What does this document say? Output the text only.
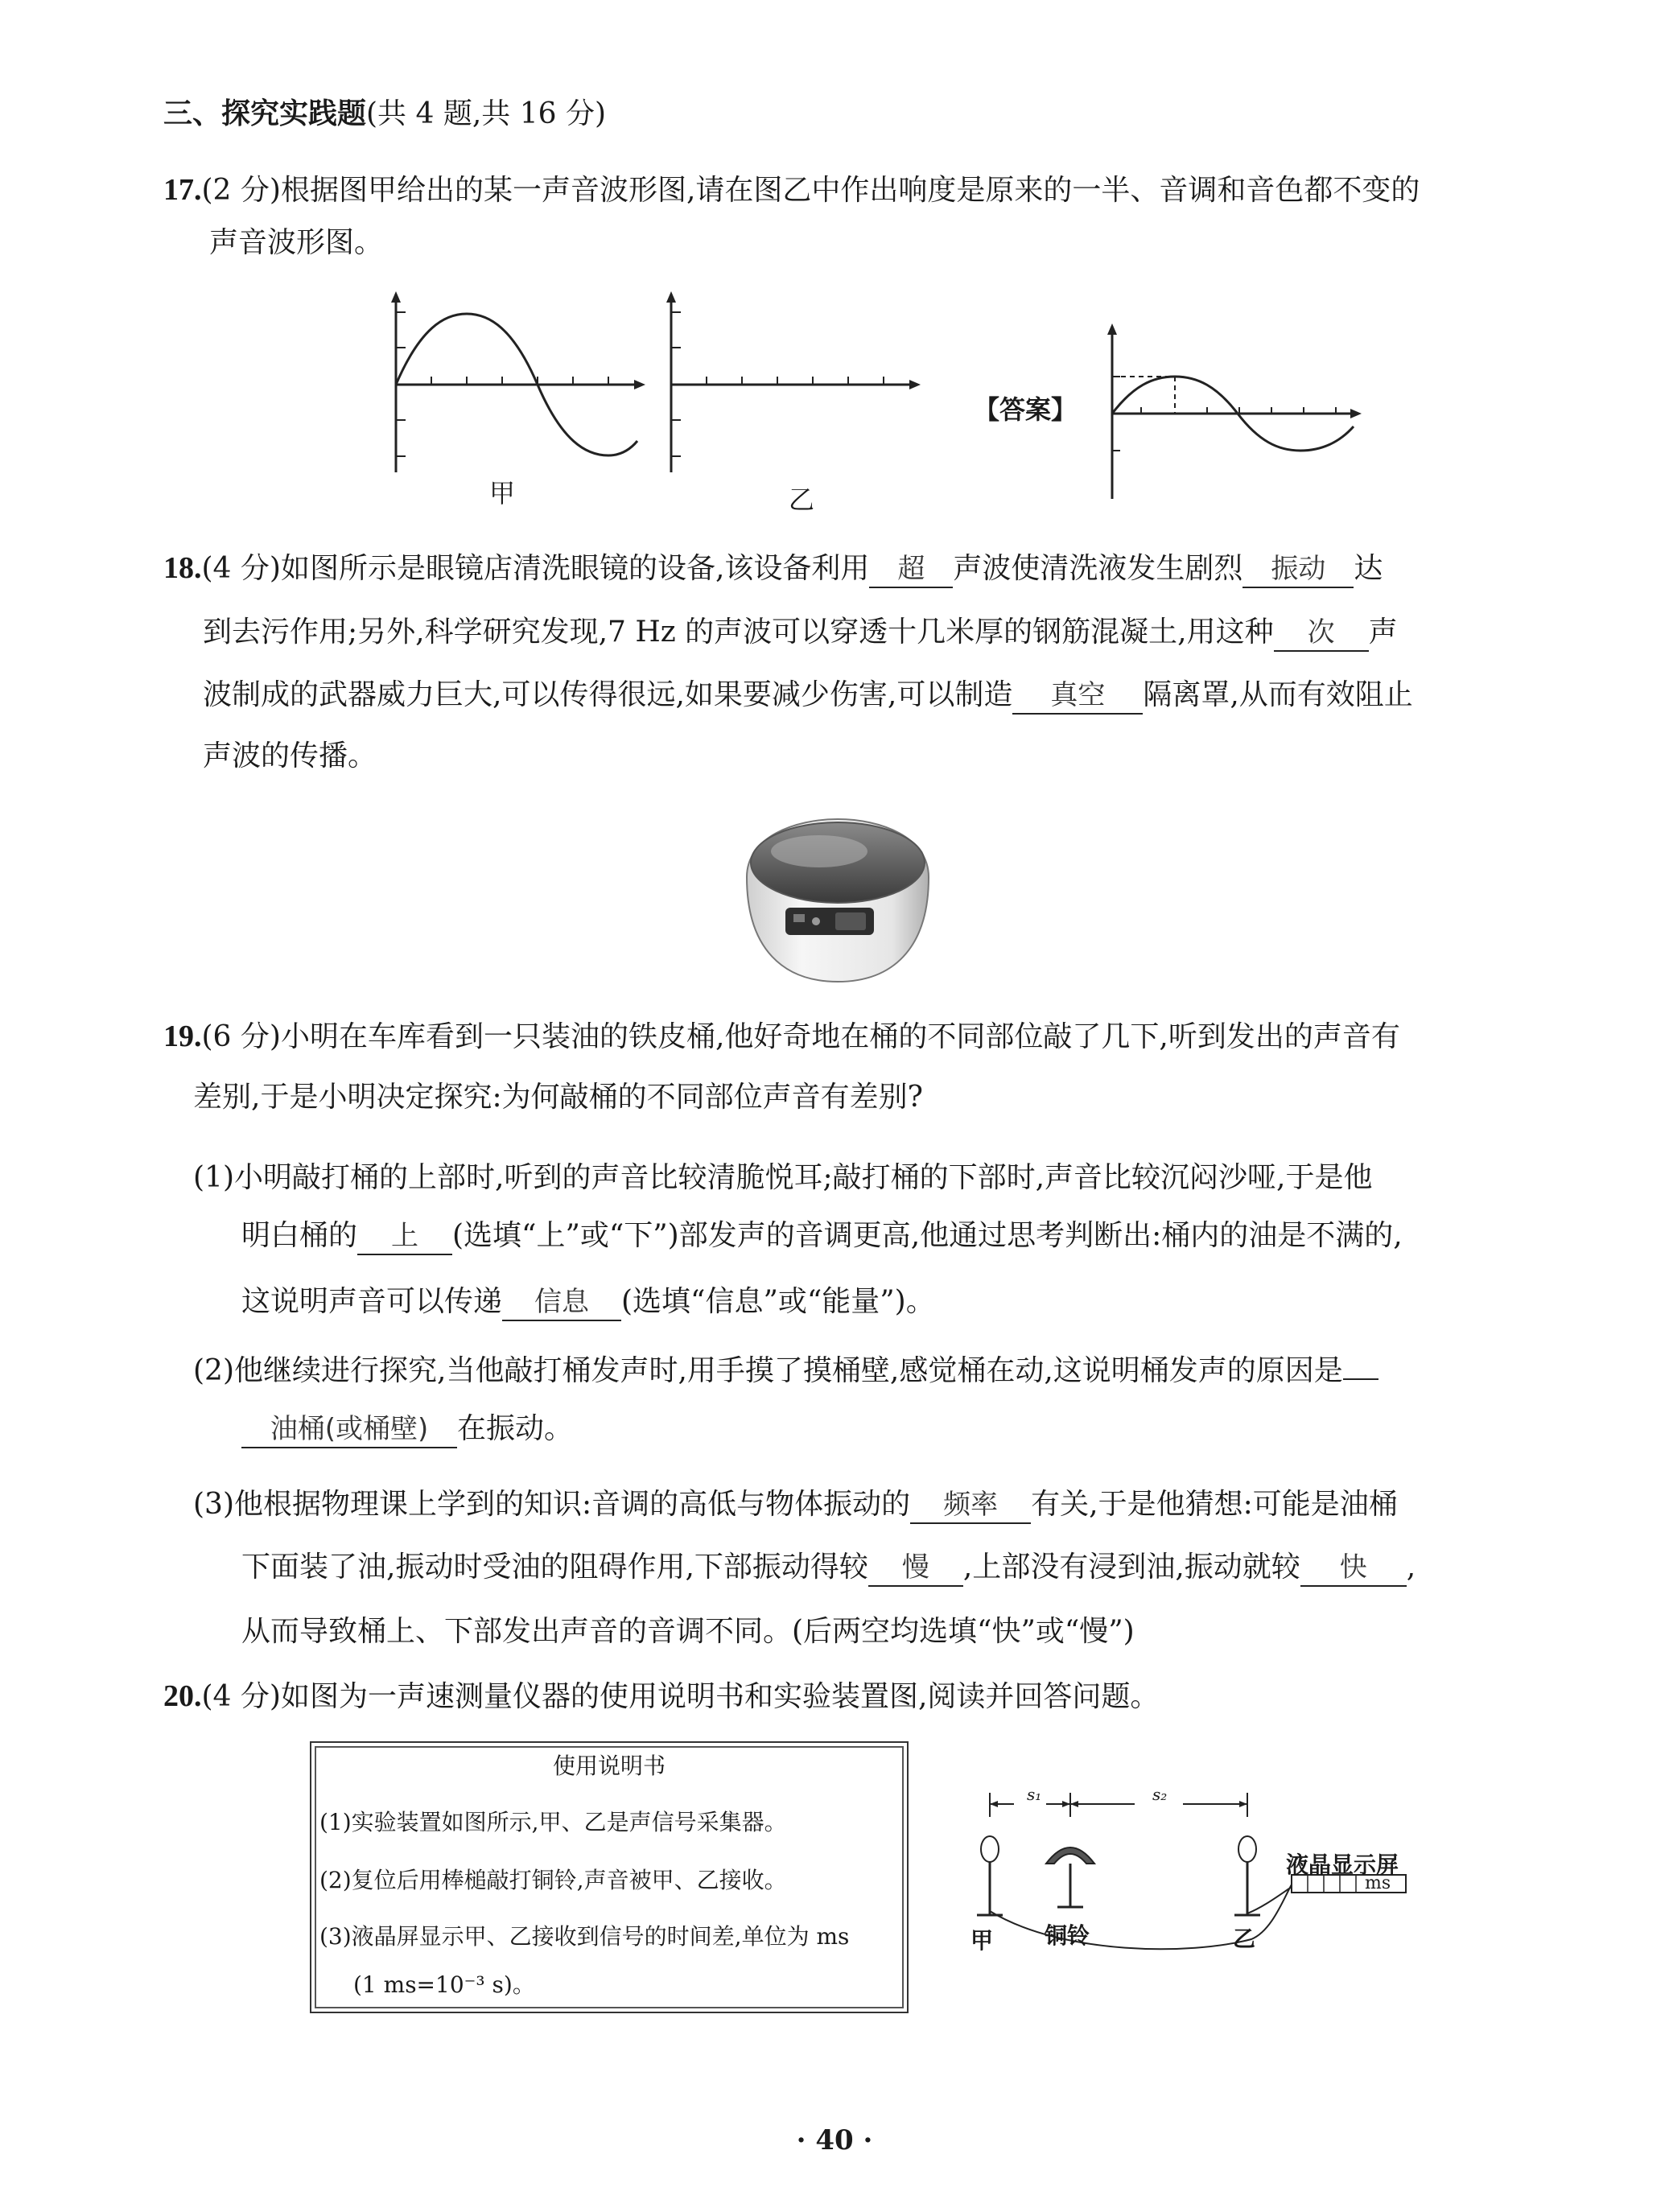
三、探究实践题(共 4 题,共 16 分)
17.(2 分)根据图甲给出的某一声音波形图,请在图乙中作出响度是原来的一半、音调和音色都不变的
声音波形图。
甲	乙
【答案】
18.(4 分)如图所示是眼镜店清洗眼镜的设备,该设备利用 超 声波使清洗液发生剧烈 振动 达
到去污作用;另外,科学研究发现,7 Hz 的声波可以穿透十几米厚的钢筋混凝土,用这种 次 声
波制成的武器威力巨大,可以传得很远,如果要减少伤害,可以制造 真空 隔离罩,从而有效阻止
声波的传播。
19.(6 分)小明在车库看到一只装油的铁皮桶,他好奇地在桶的不同部位敲了几下,听到发出的声音有
差别,于是小明决定探究:为何敲桶的不同部位声音有差别?
(1)小明敲打桶的上部时,听到的声音比较清脆悦耳;敲打桶的下部时,声音比较沉闷沙哑,于是他
明白桶的 上 (选填“上”或“下”)部发声的音调更高,他通过思考判断出:桶内的油是不满的,
这说明声音可以传递 信息 (选填“信息”或“能量”)。
(2)他继续进行探究,当他敲打桶发声时,用手摸了摸桶壁,感觉桶在动,这说明桶发声的原因是
油桶(或桶壁) 在振动。
(3)他根据物理课上学到的知识:音调的高低与物体振动的 频率 有关,于是他猜想:可能是油桶
下面装了油,振动时受油的阻碍作用,下部振动得较 慢 ,上部没有浸到油,振动就较 快 ,
从而导致桶上、下部发出声音的音调不同。(后两空均选填“快”或“慢”)
20.(4 分)如图为一声速测量仪器的使用说明书和实验装置图,阅读并回答问题。
使用说明书
(1)实验装置如图所示,甲、乙是声信号采集器。
(2)复位后用棒槌敲打铜铃,声音被甲、乙接收。
(3)液晶屏显示甲、乙接收到信号的时间差,单位为 ms
(1 ms=10⁻³ s)。
s₁	s₂
甲 铜铃	乙
液晶显示屏
ms
· 40 ·
